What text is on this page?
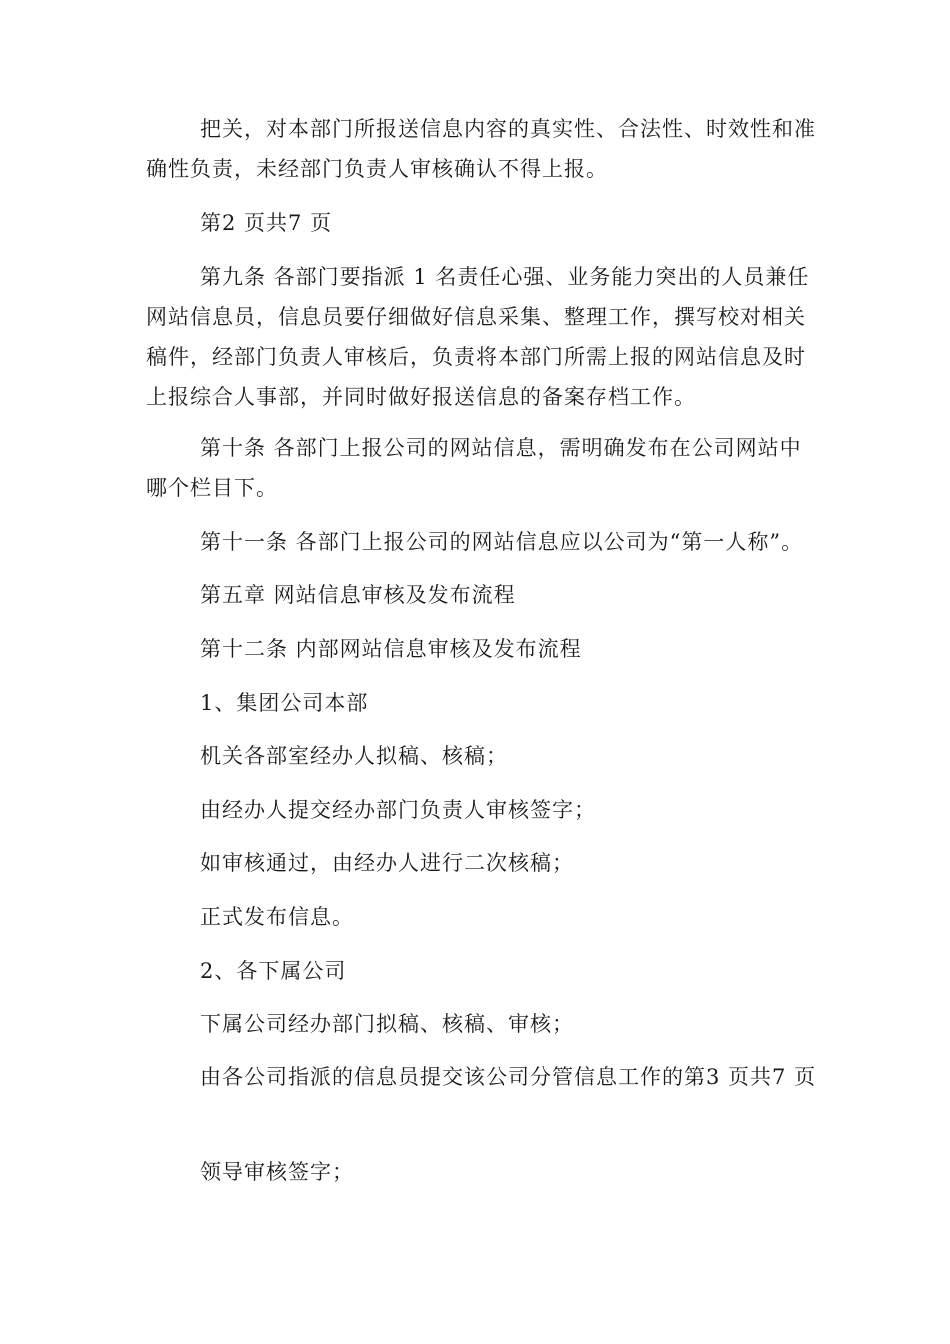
把关，对本部门所报送信息内容的真实性、合法性、时效性和准确性负责，未经部门负责人审核确认不得上报。

第2 页共7 页

第九条 各部门要指派 1 名责任心强、业务能力突出的人员兼任网站信息员，信息员要仔细做好信息采集、整理工作，撰写校对相关稿件，经部门负责人审核后，负责将本部门所需上报的网站信息及时上报综合人事部，并同时做好报送信息的备案存档工作。

第十条 各部门上报公司的网站信息，需明确发布在公司网站中哪个栏目下。

第十一条 各部门上报公司的网站信息应以公司为“第一人称”。

第五章 网站信息审核及发布流程

第十二条 内部网站信息审核及发布流程

1、集团公司本部

机关各部室经办人拟稿、核稿；

由经办人提交经办部门负责人审核签字；

如审核通过，由经办人进行二次核稿；

正式发布信息。

2、各下属公司

下属公司经办部门拟稿、核稿、审核；

由各公司指派的信息员提交该公司分管信息工作的第3 页共7 页

领导审核签字；
